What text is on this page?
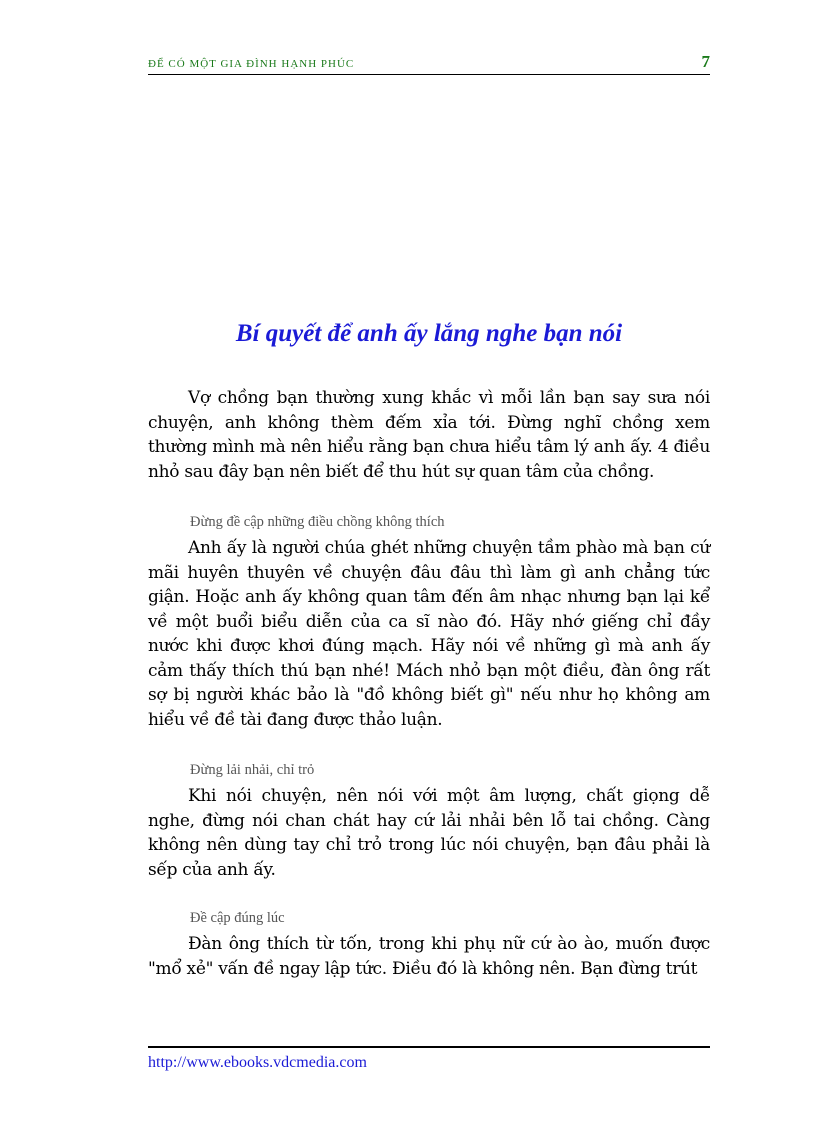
ĐỂ CÓ MỘT GIA ĐÌNH HẠNH PHÚC	7
Bí quyết để anh ấy lắng nghe bạn nói
Vợ chồng bạn thường xung khắc vì mỗi lần bạn say sưa nói chuyện, anh không thèm đếm xỉa tới. Đừng nghĩ chồng xem thường mình mà nên hiểu rằng bạn chưa hiểu tâm lý anh ấy. 4 điều nhỏ sau đây bạn nên biết để thu hút sự quan tâm của chồng.
Đừng đề cập những điều chồng không thích
Anh ấy là người chúa ghét những chuyện tầm phào mà bạn cứ mãi huyên thuyên về chuyện đâu đâu thì làm gì anh chẳng tức giận. Hoặc anh ấy không quan tâm đến âm nhạc nhưng bạn lại kể về một buổi biểu diễn của ca sĩ nào đó. Hãy nhớ giếng chỉ đầy nước khi được khơi đúng mạch. Hãy nói về những gì mà anh ấy cảm thấy thích thú bạn nhé! Mách nhỏ bạn một điều, đàn ông rất sợ bị người khác bảo là "đồ không biết gì" nếu như họ không am hiểu về đề tài đang được thảo luận.
Đừng lải nhải, chỉ trỏ
Khi nói chuyện, nên nói với một âm lượng, chất giọng dễ nghe, đừng nói chan chát hay cứ lải nhải bên lỗ tai chồng. Càng không nên dùng tay chỉ trỏ trong lúc nói chuyện, bạn đâu phải là sếp của anh ấy.
Đề cập đúng lúc
Đàn ông thích từ tốn, trong khi phụ nữ cứ ào ào, muốn được "mổ xẻ" vấn đề ngay lập tức. Điều đó là không nên. Bạn đừng trút
http://www.ebooks.vdcmedia.com
